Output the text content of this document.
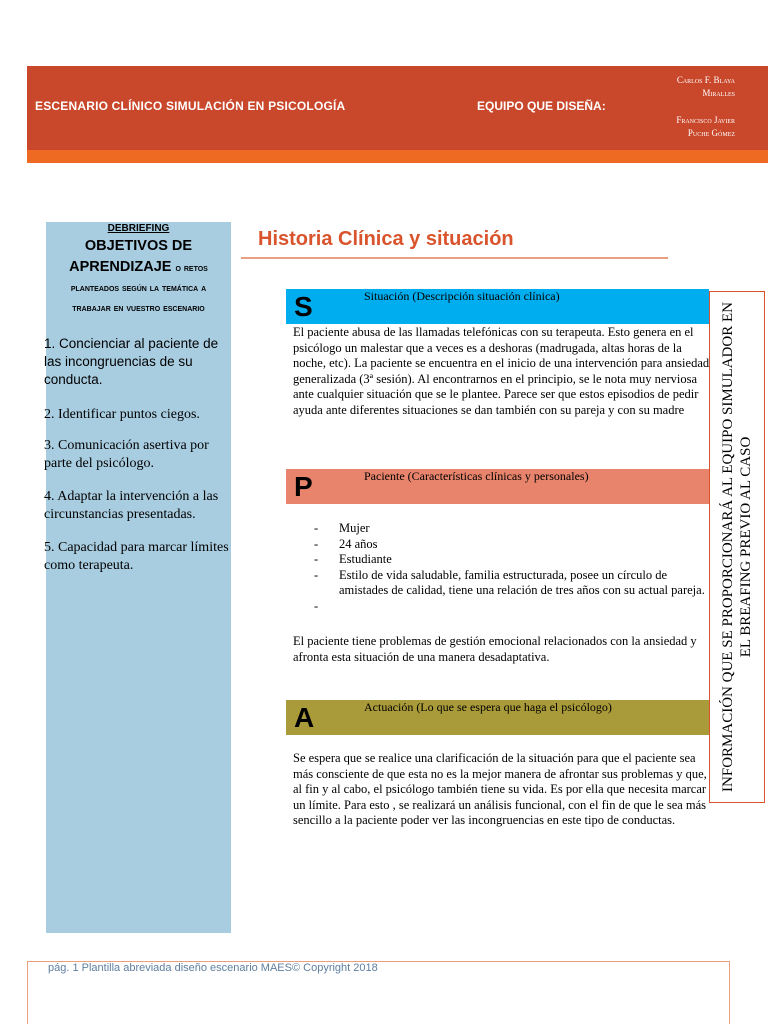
ESCENARIO CLÍNICO SIMULACIÓN EN PSICOLOGÍA	EQUIPO QUE DISEÑA:
Carlos F. Blaya
Miralles
Francisco Javier
Puche Gómez
DEBRIEFING
OBJETIVOS DE APRENDIZAJE o retos
planteados según la temática a trabajar en vuestro escenario
1. Concienciar al paciente de las incongruencias de su conducta.
2. Identificar puntos ciegos.
3. Comunicación asertiva por parte del psicólogo.
4. Adaptar la intervención a las circunstancias presentadas.
5. Capacidad para marcar límites como terapeuta.
Historia Clínica y situación
S	Situación (Descripción situación clínica)
El paciente abusa de las llamadas telefónicas con su terapeuta. Esto genera en el psicólogo un malestar que a veces es a deshoras (madrugada, altas horas de la noche, etc). La paciente se encuentra en el inicio de una intervención para ansiedad generalizada (3ª sesión). Al encontrarnos en el principio, se le nota muy nerviosa ante cualquier situación que se le plantee. Parece ser que estos episodios de pedir ayuda ante diferentes situaciones se dan también con su pareja y con su madre
P	Paciente (Características clínicas y personales)
- Mujer
- 24 años
- Estudiante
- Estilo de vida saludable, familia estructurada, posee un círculo de amistades de calidad, tiene una relación de tres años con su actual pareja.
-
El paciente tiene problemas de gestión emocional relacionados con la ansiedad y afronta esta situación de una manera desadaptativa.
A	Actuación (Lo que se espera que haga el psicólogo)
Se espera que se realice una clarificación de la situación para que el paciente sea más consciente de que esta no es la mejor manera de afrontar sus problemas y que, al fin y al cabo, el psicólogo también tiene su vida. Es por ella que necesita marcar un límite. Para esto , se realizará un análisis funcional, con el fin de que le sea más sencillo a la paciente poder ver las incongruencias en este tipo de conductas.
INFORMACIÓN QUE SE PROPORCIONARÁ AL EQUIPO SIMULADOR EN EL BREAFING PREVIO AL CASO
pág. 1 Plantilla abreviada diseño escenario MAES© Copyright 2018
